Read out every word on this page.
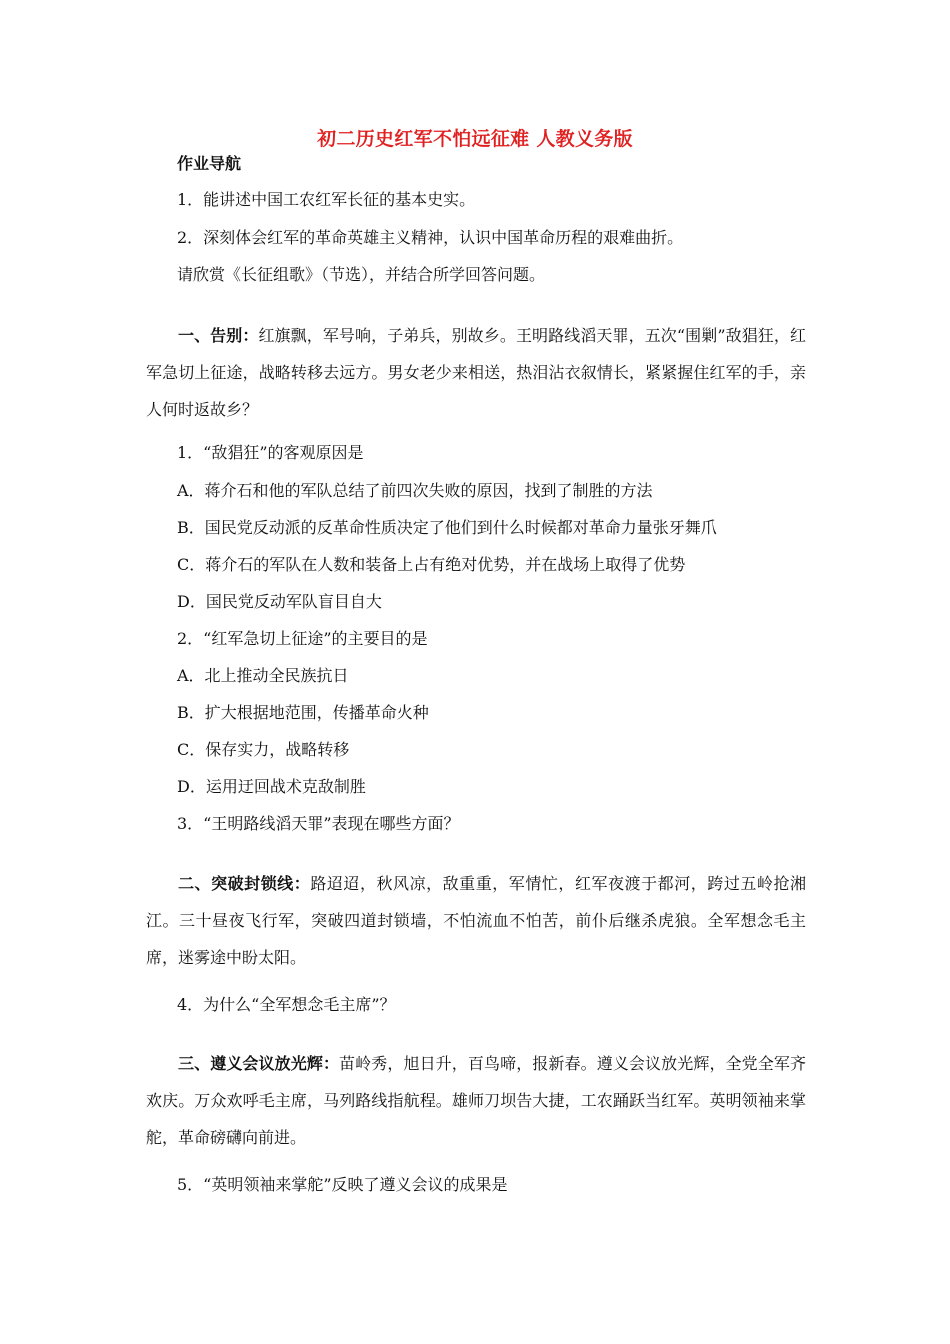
初二历史红军不怕远征难 人教义务版
作业导航
1．能讲述中国工农红军长征的基本史实。
2．深刻体会红军的革命英雄主义精神，认识中国革命历程的艰难曲折。
请欣赏《长征组歌》（节选），并结合所学回答问题。
一、告别：红旗飘，军号响，子弟兵，别故乡。王明路线滔天罪，五次“围剿”敌猖狂，红军急切上征途，战略转移去远方。男女老少来相送，热泪沾衣叙情长，紧紧握住红军的手，亲人何时返故乡？
1．“敌猖狂”的客观原因是
A．蒋介石和他的军队总结了前四次失败的原因，找到了制胜的方法
B．国民党反动派的反革命性质决定了他们到什么时候都对革命力量张牙舞爪
C．蒋介石的军队在人数和装备上占有绝对优势，并在战场上取得了优势
D．国民党反动军队盲目自大
2．“红军急切上征途”的主要目的是
A．北上推动全民族抗日
B．扩大根据地范围，传播革命火种
C．保存实力，战略转移
D．运用迂回战术克敌制胜
3．“王明路线滔天罪”表现在哪些方面？
二、突破封锁线：路迢迢，秋风凉，敌重重，军情忙，红军夜渡于都河，跨过五岭抢湘江。三十昼夜飞行军，突破四道封锁墙，不怕流血不怕苦，前仆后继杀虎狼。全军想念毛主席，迷雾途中盼太阳。
4．为什么“全军想念毛主席”？
三、遵义会议放光辉：苗岭秀，旭日升，百鸟啼，报新春。遵义会议放光辉，全党全军齐欢庆。万众欢呼毛主席，马列路线指航程。雄师刀坝告大捷，工农踊跃当红军。英明领袖来掌舵，革命磅礴向前进。
5．“英明领袖来掌舵”反映了遵义会议的成果是
